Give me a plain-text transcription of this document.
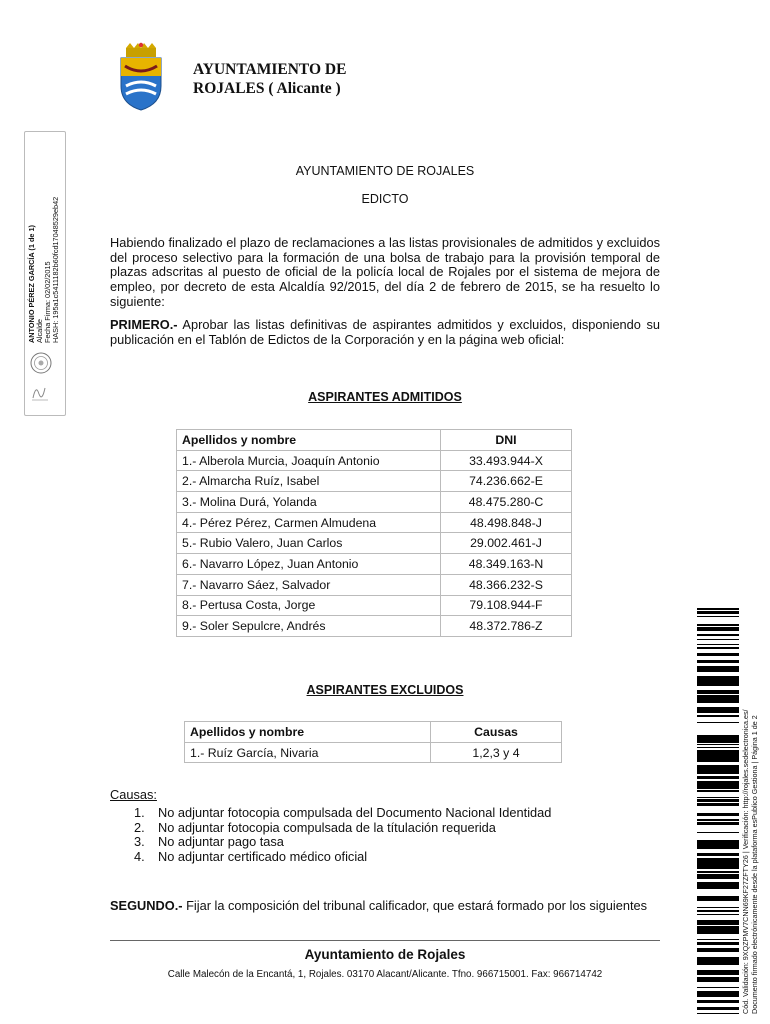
AYUNTAMIENTO DE
ROJALES ( Alicante )
ANTONIO PÉREZ GARCÍA (1 de 1) Alcalde Fecha Firma: 02/02/2015 HASH: 195a1c5411182b60fcd17048529eb42
AYUNTAMIENTO DE ROJALES
EDICTO
Habiendo finalizado el plazo de reclamaciones a las listas provisionales de admitidos y excluidos del proceso selectivo para la formación de una bolsa de trabajo para la provisión temporal de plazas adscritas al puesto de oficial de la policía local de Rojales por el sistema de mejora de empleo, por decreto de esta Alcaldía 92/2015, del día 2 de febrero de 2015, se ha resuelto lo siguiente:
PRIMERO.- Aprobar las listas definitivas de aspirantes admitidos y excluidos, disponiendo su publicación en el Tablón de Edictos de la Corporación y en la página web oficial:
ASPIRANTES ADMITIDOS
Apellidos y nombre	DNI
1.- Alberola Murcia, Joaquín Antonio	33.493.944-X
2.- Almarcha Ruíz, Isabel	74.236.662-E
3.- Molina Durá, Yolanda	48.475.280-C
4.- Pérez Pérez, Carmen Almudena	48.498.848-J
5.- Rubio Valero, Juan Carlos	29.002.461-J
6.- Navarro López, Juan Antonio	48.349.163-N
7.- Navarro Sáez, Salvador	48.366.232-S
8.- Pertusa Costa, Jorge	79.108.944-F
9.- Soler Sepulcre, Andrés	48.372.786-Z
ASPIRANTES EXCLUIDOS
Apellidos y nombre	Causas
1.- Ruíz García, Nivaria	1,2,3 y 4
Causas:
1. No adjuntar fotocopia compulsada del Documento Nacional Identidad
2. No adjuntar fotocopia compulsada de la títulación requerida
3. No adjuntar pago tasa
4. No adjuntar certificado médico oficial
SEGUNDO.- Fijar la composición del tribunal calificador, que estará formado por los siguientes
Ayuntamiento de Rojales
Calle Malecón de la Encantá, 1, Rojales. 03170 Alacant/Alicante. Tfno. 966715001. Fax: 966714742	Cód. Validación: 9XQZPMV7CNN69KF27ZFTY26 | Verificación: http://rojales.sedelectronica.es/ Documento firmado electrónicamente desde la plataforma esPublico Gestiona | Página 1 de 2
